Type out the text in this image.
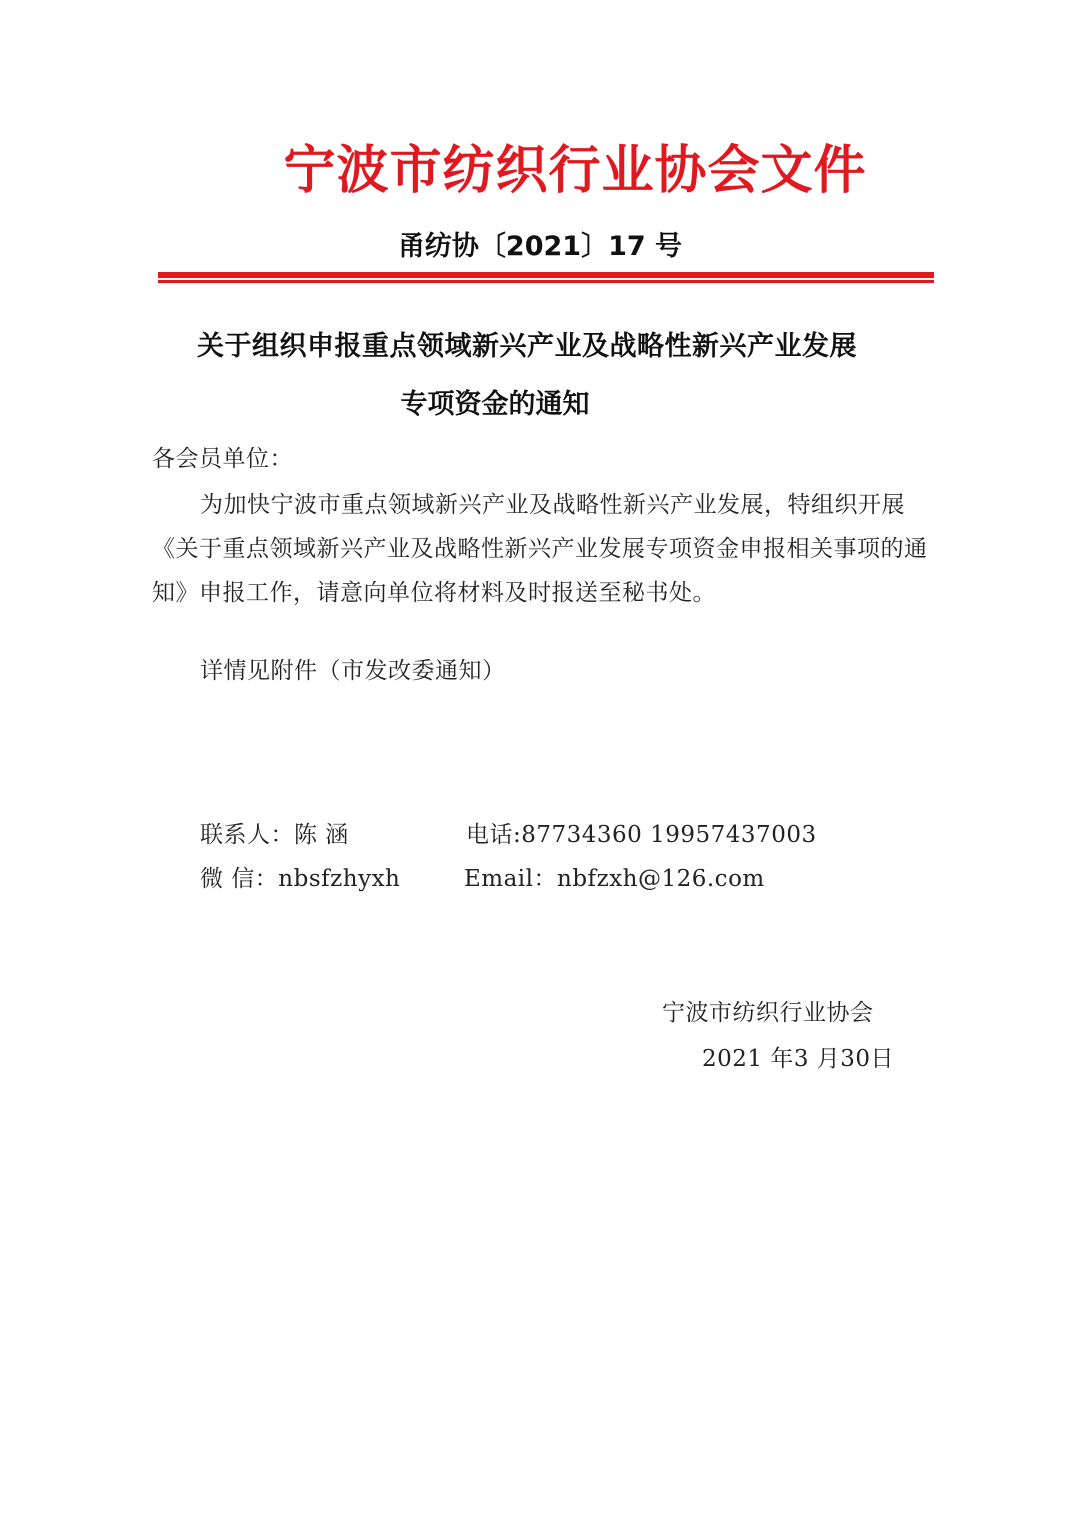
宁波市纺织行业协会文件
甬纺协〔2021〕17 号
关于组织申报重点领域新兴产业及战略性新兴产业发展
专项资金的通知
各会员单位：
为加快宁波市重点领域新兴产业及战略性新兴产业发展，特组织开展
《关于重点领域新兴产业及战略性新兴产业发展专项资金申报相关事项的通
知》申报工作，请意向单位将材料及时报送至秘书处。
详情见附件（市发改委通知）
联系人：陈 涵	电话:87734360 19957437003
微 信：nbsfzhyxh	Email：nbfzxh@126.com
宁波市纺织行业协会
2021 年3 月30日
